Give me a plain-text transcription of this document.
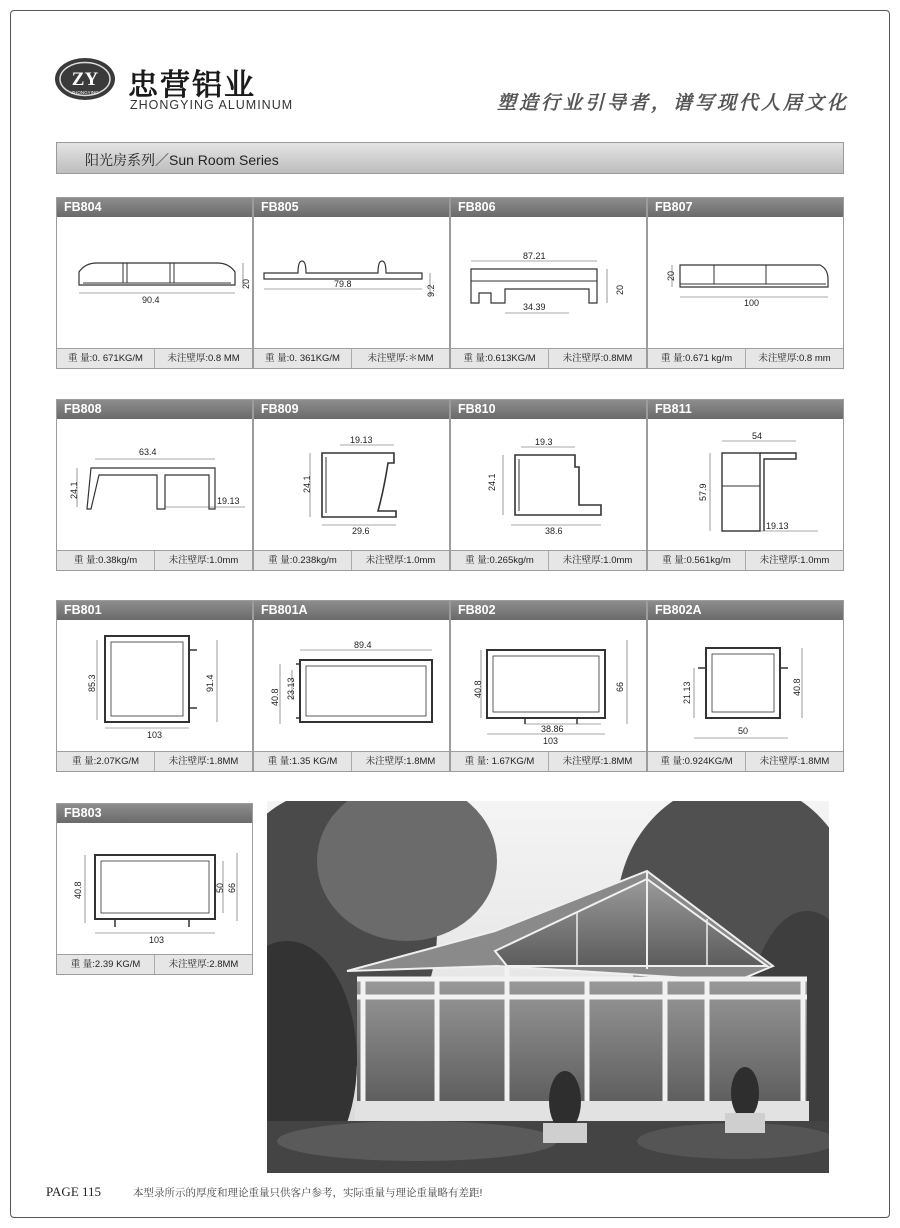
ZY
ZHONGYING 忠营铝业
ZHONGYING ALUMINUM	塑造行业引导者，谱写现代人居文化
阳光房系列／Sun Room Series
FB804
90.4
20
重 量:0. 671KG/M	未注壁厚:0.8 MM
FB805
79.8
9.2
重 量:0. 361KG/M	未注壁厚:＊MM
FB806
87.21
20
34.39
重 量:0.613KG/M	未注壁厚:0.8MM
FB807
100
20
重 量:0.671 kg/m	未注壁厚:0.8 mm
FB808
63.4
24.1
19.13
重 量:0.38kg/m	未注壁厚:1.0mm
FB809
19.13
24.1
29.6
重 量:0.238kg/m	未注壁厚:1.0mm
FB810
19.3
24.1
38.6
重 量:0.265kg/m	未注壁厚:1.0mm
FB811
54
57.9
19.13
重 量:0.561kg/m	未注壁厚:1.0mm
FB801
85.3	91.4
103
重 量:2.07KG/M	未注壁厚:1.8MM
FB801A
89.4
40.8 23.13
重 量:1.35 KG/M	未注壁厚:1.8MM
FB802
40.8	66
38.86
103
重 量: 1.67KG/M	未注壁厚:1.8MM
FB802A
21.13	40.8
50
重 量:0.924KG/M	未注壁厚:1.8MM
FB803
40.8	50 66
103
重 量:2.39 KG/M	未注壁厚:2.8MM
PAGE 115	本型录所示的厚度和理论重量只供客户参考，实际重量与理论重量略有差距!
